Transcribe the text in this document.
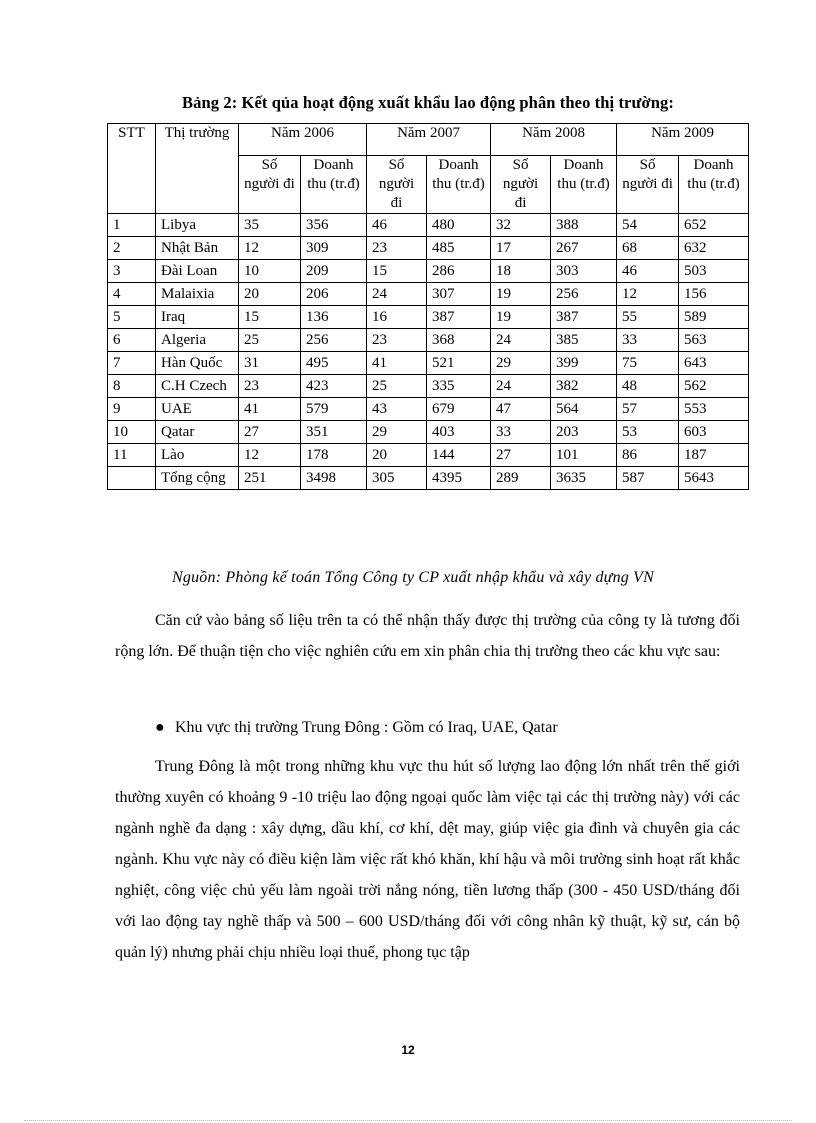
Bảng 2: Kết qủa hoạt động xuất khẩu lao động phân theo thị trường:
STT	Thị trường	Năm 2006		Năm 2007		Năm 2008		Năm 2009	
		Số người đi	Doanh thu (tr.đ)	Số người đi	Doanh thu (tr.đ)	Số người đi	Doanh thu (tr.đ)	Số người đi	Doanh thu (tr.đ)
1	Libya	35	356	46	480	32	388	54	652
2	Nhật Bản	12	309	23	485	17	267	68	632
3	Đài Loan	10	209	15	286	18	303	46	503
4	Malaixia	20	206	24	307	19	256	12	156
5	Iraq	15	136	16	387	19	387	55	589
6	Algeria	25	256	23	368	24	385	33	563
7	Hàn Quốc	31	495	41	521	29	399	75	643
8	C.H Czech	23	423	25	335	24	382	48	562
9	UAE	41	579	43	679	47	564	57	553
10	Qatar	27	351	29	403	33	203	53	603
11	Lào	12	178	20	144	27	101	86	187
	Tổng cộng	251	3498	305	4395	289	3635	587	5643
Nguồn: Phòng kế toán Tổng Công ty CP xuất nhập khẩu và xây dựng VN

Căn cứ vào bảng số liệu trên ta có thể nhận thấy được thị trường của công ty là tương đối rộng lớn. Để thuận tiện cho việc nghiên cứu em xin phân chia thị trường theo các khu vực sau:

● Khu vực thị trường Trung Đông : Gồm có Iraq, UAE, Qatar

Trung Đông là một trong những khu vực thu hút số lượng lao động lớn nhất trên thế giới thường xuyên có khoảng 9 -10 triệu lao động ngoại quốc làm việc tại các thị trường này) với các ngành nghề đa dạng : xây dựng, dầu khí, cơ khí, dệt may, giúp việc gia đình và chuyên gia các ngành. Khu vực này có điều kiện làm việc rất khó khăn, khí hậu và môi trường sinh hoạt rất khắc nghiệt, công việc chủ yếu làm ngoài trời nắng nóng, tiền lương thấp (300 - 450 USD/tháng đối với lao động tay nghề thấp và 500 – 600 USD/tháng đối với công nhân kỹ thuật, kỹ sư, cán bộ quản lý) nhưng phải chịu nhiều loại thuế, phong tục tập

12
